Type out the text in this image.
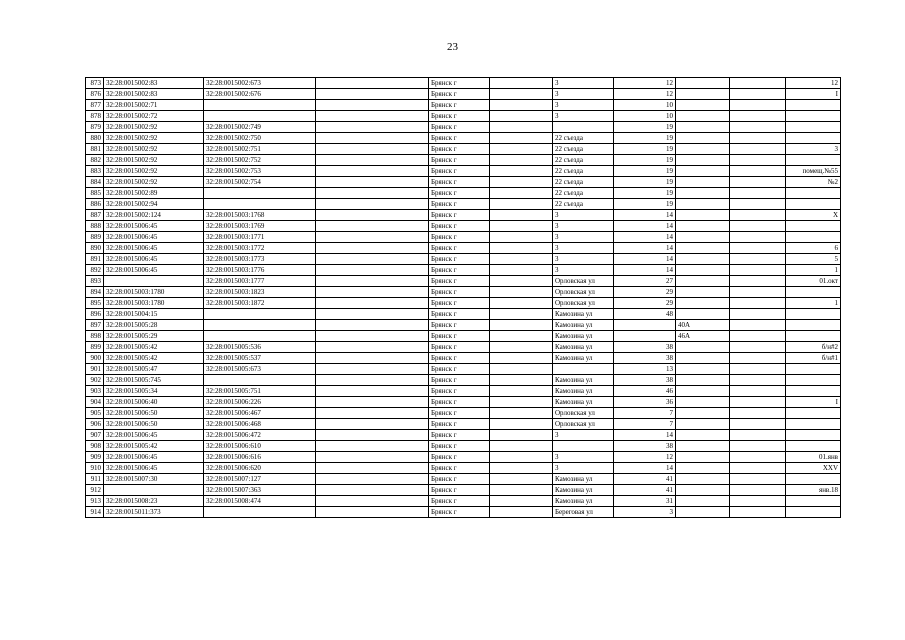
23
873	32:28:0015002:83	32:28:0015002:673		Брянск г		3	12			12
876	32:28:0015002:83	32:28:0015002:676		Брянск г		3	12			I
877	32:28:0015002:71			Брянск г		3	10			
878	32:28:0015002:72			Брянск г		3	10			
879	32:28:0015002:92	32:28:0015002:749		Брянск г			19			
880	32:28:0015002:92	32:28:0015002:750		Брянск г		22 съезда	19			
881	32:28:0015002:92	32:28:0015002:751		Брянск г		22 съезда	19			3
882	32:28:0015002:92	32:28:0015002:752		Брянск г		22 съезда	19			
883	32:28:0015002:92	32:28:0015002:753		Брянск г		22 съезда	19			помещ.№55
884	32:28:0015002:92	32:28:0015002:754		Брянск г		22 съезда	19			№2
885	32:28:0015002:89			Брянск г		22 съезда	19			
886	32:28:0015002:94			Брянск г		22 съезда	19			
887	32:28:0015002:124	32:28:0015003:1768		Брянск г		3	14			X
888	32:28:0015006:45	32:28:0015003:1769		Брянск г		3	14			
889	32:28:0015006:45	32:28:0015003:1771		Брянск г		3	14			
890	32:28:0015006:45	32:28:0015003:1772		Брянск г		3	14			6
891	32:28:0015006:45	32:28:0015003:1773		Брянск г		3	14			5
892	32:28:0015006:45	32:28:0015003:1776		Брянск г		3	14			1
893		32:28:0015003:1777		Брянск г		Орловская ул	27			01.окт
894	32:28:0015003:1780	32:28:0015003:1823		Брянск г		Орловская ул	29			
895	32:28:0015003:1780	32:28:0015003:1872		Брянск г		Орловская ул	29			1
896	32:28:0015004:15			Брянск г		Камозина ул	48			
897	32:28:0015005:28			Брянск г		Камозина ул		40А		
898	32:28:0015005:29			Брянск г		Камозина ул		46А		
899	32:28:0015005:42	32:28:0015005:536		Брянск г		Камозина ул	38			б/н#2
900	32:28:0015005:42	32:28:0015005:537		Брянск г		Камозина ул	38			б/н#1
901	32:28:0015005:47	32:28:0015005:673		Брянск г			13			
902	32:28:0015005:745			Брянск г		Камозина ул	38			
903	32:28:0015005:34	32:28:0015005:751		Брянск г		Камозина ул	46			
904	32:28:0015006:40	32:28:0015006:226		Брянск г		Камозина ул	36			I
905	32:28:0015006:50	32:28:0015006:467		Брянск г		Орловская ул	7			
906	32:28:0015006:50	32:28:0015006:468		Брянск г		Орловская ул	7			
907	32:28:0015006:45	32:28:0015006:472		Брянск г		3	14			
908	32:28:0015005:42	32:28:0015006:610		Брянск г			38			
909	32:28:0015006:45	32:28:0015006:616		Брянск г		3	12			01.янв
910	32:28:0015006:45	32:28:0015006:620		Брянск г		3	14			XXV
911	32:28:0015007:30	32:28:0015007:127		Брянск г		Камозина ул	41			
912		32:28:0015007:363		Брянск г		Камозина ул	41			янв.18
913	32:28:0015008:23	32:28:0015008:474		Брянск г		Камозина ул	31			
914	32:28:0015011:373			Брянск г		Береговая ул	3			
